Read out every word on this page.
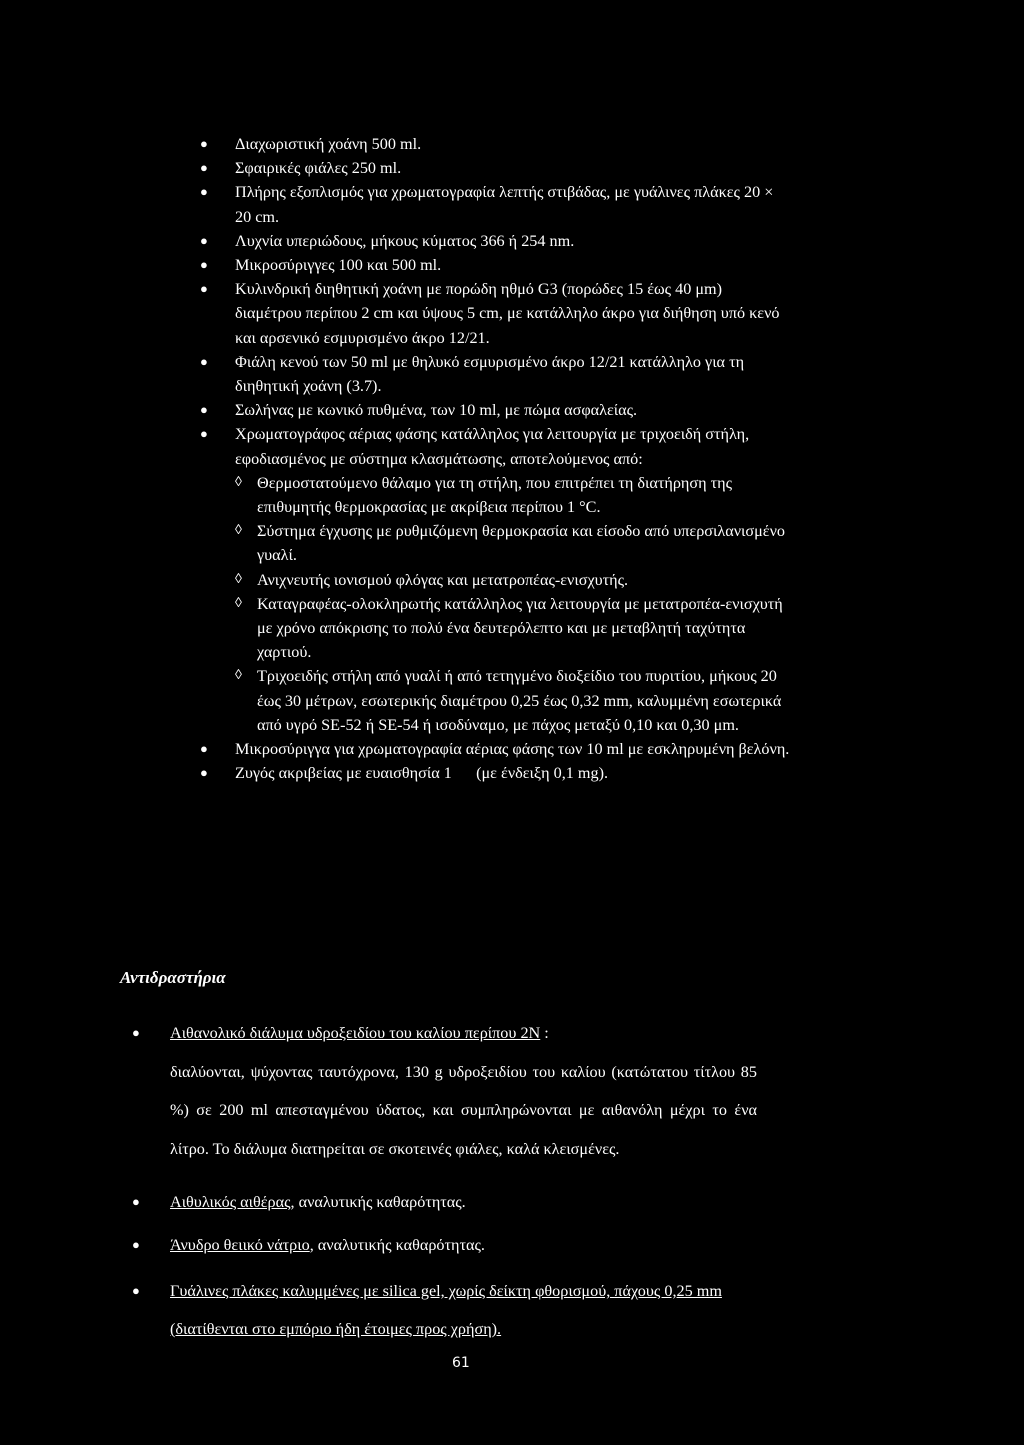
●	Διαχωριστική χοάνη 500 ml.
●	Σφαιρικές φιάλες 250 ml.
●	Πλήρης εξοπλισμός για χρωματογραφία λεπτής στιβάδας, με γυάλινες πλάκες 20 × 20 cm.
●	Λυχνία υπεριώδους, μήκους κύματος 366 ή 254 nm.
●	Μικροσύριγγες 100 και 500 ml.
●	Κυλινδρική διηθητική χοάνη με πορώδη ηθμό G3 (πορώδες 15 έως 40 μm) διαμέτρου περίπου 2 cm και ύψους 5 cm, με κατάλληλο άκρο για διήθηση υπό κενό και αρσενικό εσμυρισμένο άκρο 12/21.
●	Φιάλη κενού των 50 ml με θηλυκό εσμυρισμένο άκρο 12/21 κατάλληλο για τη διηθητική χοάνη (3.7).
●	Σωλήνας με κωνικό πυθμένα, των 10 ml, με πώμα ασφαλείας.
●	Χρωματογράφος αέριας φάσης κατάλληλος για λειτουργία με τριχοειδή στήλη, εφοδιασμένος με σύστημα κλασμάτωσης, αποτελούμενος από:
◊ Θερμοστατούμενο θάλαμο για τη στήλη, που επιτρέπει τη διατήρηση της επιθυμητής θερμοκρασίας με ακρίβεια περίπου 1 °C.
◊ Σύστημα έγχυσης με ρυθμιζόμενη θερμοκρασία και είσοδο από υπερσιλανισμένο γυαλί.
◊ Ανιχνευτής ιονισμού φλόγας και μετατροπέας-ενισχυτής.
◊ Καταγραφέας-ολοκληρωτής κατάλληλος για λειτουργία με μετατροπέα-ενισχυτή με χρόνο απόκρισης το πολύ ένα δευτερόλεπτο και με μεταβλητή ταχύτητα χαρτιού.
◊ Τριχοειδής στήλη από γυαλί ή από τετηγμένο διοξείδιο του πυριτίου, μήκους 20 έως 30 μέτρων, εσωτερικής διαμέτρου 0,25 έως 0,32 mm, καλυμμένη εσωτερικά από υγρό SE-52 ή SE-54 ή ισοδύναμο, με πάχος μεταξύ 0,10 και 0,30 μm.
●	Μικροσύριγγα για χρωματογραφία αέριας φάσης των 10 ml με εσκληρυμένη βελόνη.
●	Ζυγός ακριβείας με ευαισθησία 1      (με ένδειξη 0,1 mg).
Αντιδραστήρια
● Αιθανολικό διάλυμα υδροξειδίου του καλίου περίπου 2N :
διαλύονται, ψύχοντας ταυτόχρονα, 130 g υδροξειδίου του καλίου (κατώτατου τίτλου 85 %) σε 200 ml απεσταγμένου ύδατος, και συμπληρώνονται με αιθανόλη μέχρι το ένα λίτρο. Το διάλυμα διατηρείται σε σκοτεινές φιάλες, καλά κλεισμένες.
● Αιθυλικός αιθέρας, αναλυτικής καθαρότητας.
● Άνυδρο θειικό νάτριο, αναλυτικής καθαρότητας.
● Γυάλινες πλάκες καλυμμένες με silica gel, χωρίς δείκτη φθορισμού, πάχους 0,25 mm (διατίθενται στο εμπόριο ήδη έτοιμες προς χρήση).
61
